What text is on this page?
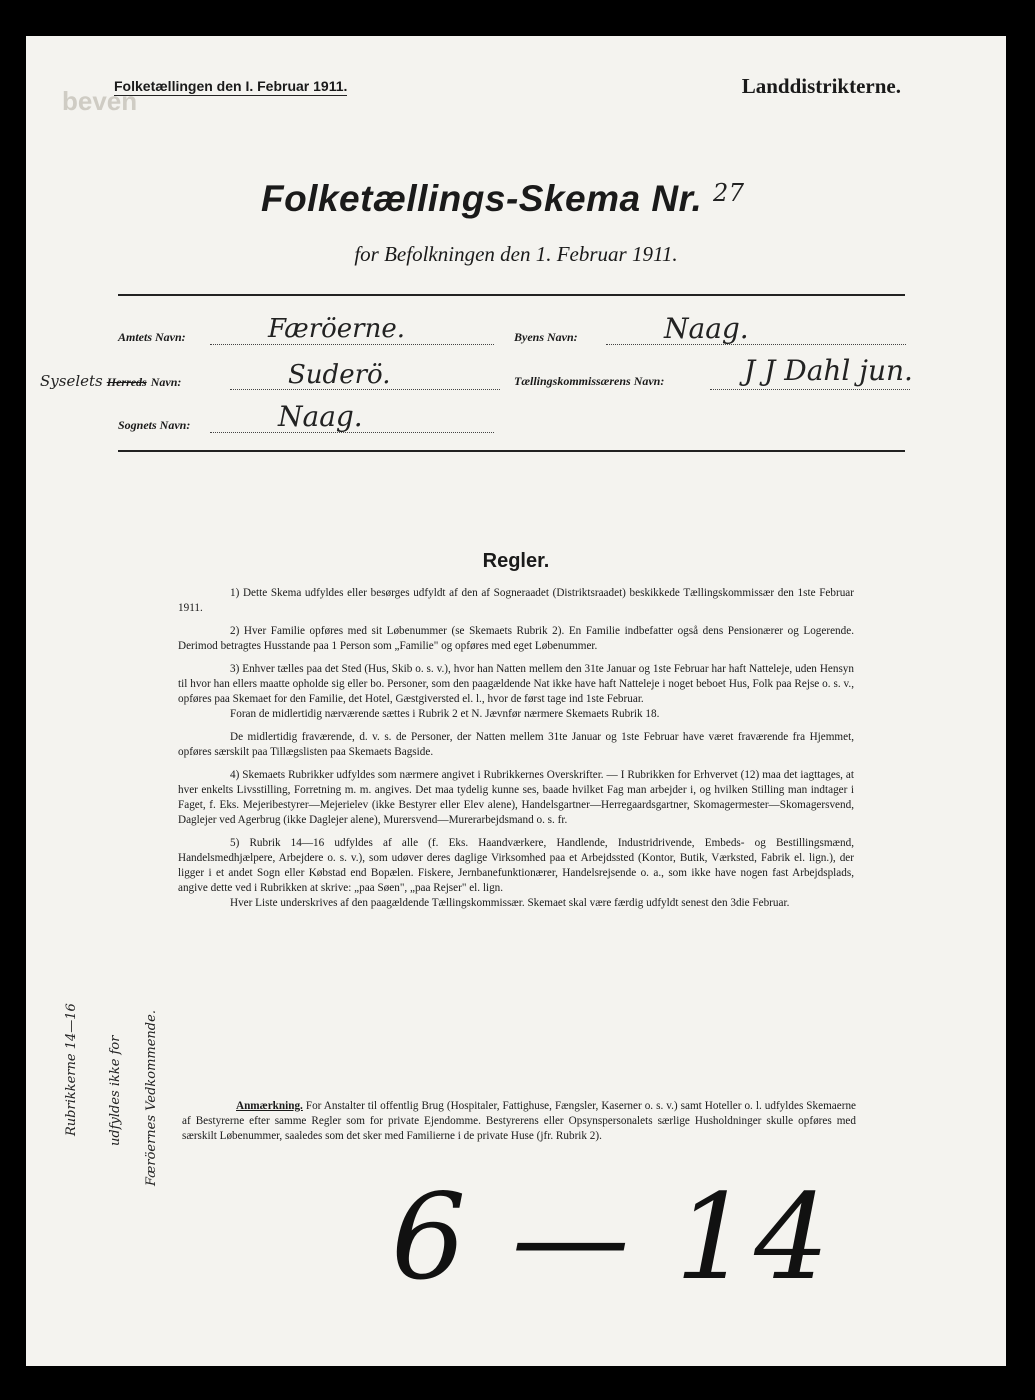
beven
Folketællingen den I. Februar 1911.	Landdistrikterne.
Folketællings-Skema Nr. 27
for Befolkningen den 1. Februar 1911.
Amtets Navn:	Færöerne.
Syselets Herreds Navn:	Suderö.
Sognets Navn:	Naag.
Byens Navn:	Naag.
Tællingskommissærens Navn:	J J Dahl jun.
Regler.

1) Dette Skema udfyldes eller besørges udfyldt af den af Sogneraadet (Distriktsraadet) beskikkede Tællingskommissær den 1ste Februar 1911.

2) Hver Familie opføres med sit Løbenummer (se Skemaets Rubrik 2). En Familie indbefatter også dens Pensionærer og Logerende. Derimod betragtes Husstande paa 1 Person som „Familie" og opføres med eget Løbenummer.

3) Enhver tælles paa det Sted (Hus, Skib o. s. v.), hvor han Natten mellem den 31te Januar og 1ste Februar har haft Natteleje, uden Hensyn til hvor han ellers maatte opholde sig eller bo. Personer, som den paagældende Nat ikke have haft Natteleje i noget beboet Hus, Folk paa Rejse o. s. v., opføres paa Skemaet for den Familie, det Hotel, Gæstgiversted el. l., hvor de først tage ind 1ste Februar.

Foran de midlertidig nærværende sættes i Rubrik 2 et N. Jævnfør nærmere Skemaets Rubrik 18.

De midlertidig fraværende, d. v. s. de Personer, der Natten mellem 31te Januar og 1ste Februar have været fraværende fra Hjemmet, opføres særskilt paa Tillægslisten paa Skemaets Bagside.

4) Skemaets Rubrikker udfyldes som nærmere angivet i Rubrikkernes Overskrifter. — I Rubrikken for Erhvervet (12) maa det iagttages, at hver enkelts Livsstilling, Forretning m. m. angives. Det maa tydelig kunne ses, baade hvilket Fag man arbejder i, og hvilken Stilling man indtager i Faget, f. Eks. Mejeribestyrer—Mejerielev (ikke Bestyrer eller Elev alene), Handelsgartner—Herregaardsgartner, Skomagermester—Skomagersvend, Daglejer ved Agerbrug (ikke Daglejer alene), Murersvend—Murerarbejdsmand o. s. fr.

5) Rubrik 14—16 udfyldes af alle (f. Eks. Haandværkere, Handlende, Industridrivende, Embeds- og Bestillingsmænd, Handelsmedhjælpere, Arbejdere o. s. v.), som udøver deres daglige Virksomhed paa et Arbejdssted (Kontor, Butik, Værksted, Fabrik el. lign.), der ligger i et andet Sogn eller Købstad end Bopælen. Fiskere, Jernbanefunktionærer, Handelsrejsende o. a., som ikke have nogen fast Arbejdsplads, angive dette ved i Rubrikken at skrive: „paa Søen", „paa Rejser" el. lign.

Hver Liste underskrives af den paagældende Tællingskommissær. Skemaet skal være færdig udfyldt senest den 3die Februar.

Anmærkning. For Anstalter til offentlig Brug (Hospitaler, Fattighuse, Fængsler, Kaserner o. s. v.) samt Hoteller o. l. udfyldes Skemaerne af Bestyrerne efter samme Regler som for private Ejendomme. Bestyrerens eller Opsynspersonalets særlige Husholdninger skulle opføres med særskilt Løbenummer, saaledes som det sker med Familierne i de private Huse (jfr. Rubrik 2).
Rubrikkerne 14—16 udfyldes ikke for Færöernes Vedkommende.
6 — 14
